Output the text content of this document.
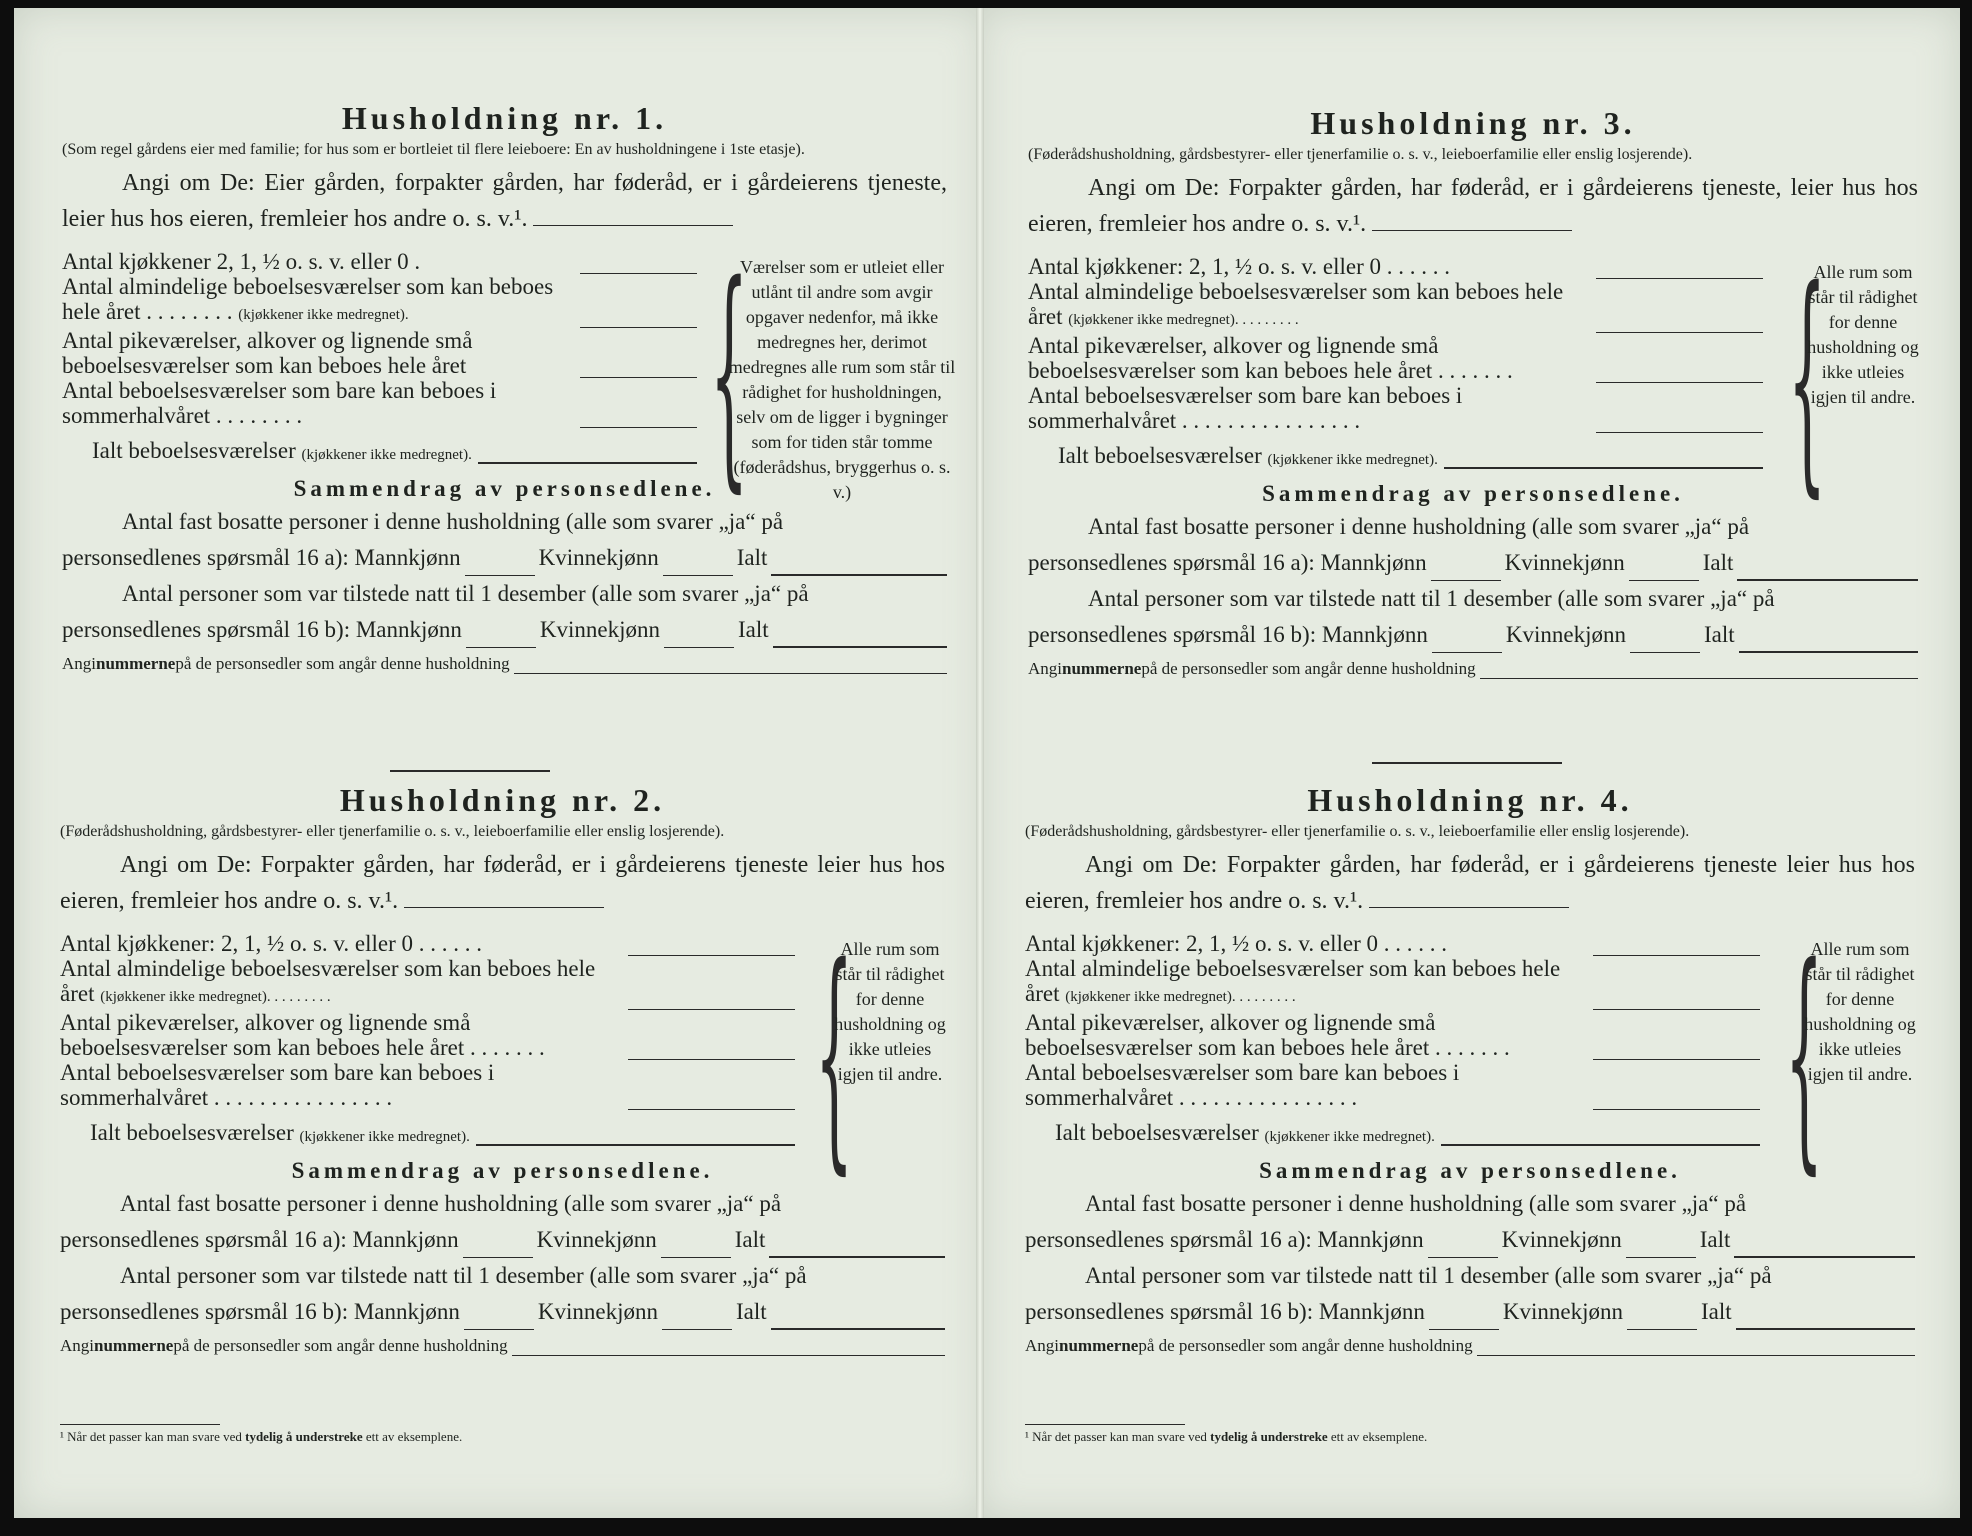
Husholdning nr. 1.
(Som regel gårdens eier med familie; for hus som er bortleiet til flere leieboere: En av husholdningene i 1ste etasje).

Angi om De: Eier gården, forpakter gården, har føderåd, er i gårdeierens tjeneste, leier hus hos eieren, fremleier hos andre o. s. v.¹.

Antal kjøkkener 2, 1, ½ o. s. v. eller 0 .
Antal almindelige beboelsesværelser som kan beboes hele året . . . . . . . . (kjøkkener ikke medregnet).
Antal pikeværelser, alkover og lignende små beboelsesværelser som kan beboes hele året
Antal beboelsesværelser som bare kan beboes i sommerhalvåret . . . . . . . .
Ialt beboelsesværelser
(kjøkkener ikke medregnet). {
Værelser som er utleiet eller utlånt til andre som avgir opgaver nedenfor, må ikke medregnes her, derimot medregnes alle rum som står til rådighet for husholdningen, selv om de ligger i bygninger som for tiden står tomme (føderådshus, bryggerhus o. s. v.)
Sammendrag av personsedlene.

Antal fast bosatte personer i denne husholdning (alle som svarer „ja“ på

personsedlenes spørsmål 16 a):
Mannkjønn	Kvinnekjønn	Ialt

Antal personer som var tilstede natt til 1 desember (alle som svarer „ja“ på

personsedlenes spørsmål 16 b):
Mannkjønn	Kvinnekjønn	Ialt
Angi nummerne på de personsedler som angår denne husholdning
Husholdning nr. 2.
(Føderådshusholdning, gårdsbestyrer- eller tjenerfamilie o. s. v., leieboerfamilie eller enslig losjerende).

Angi om De: Forpakter gården, har føderåd, er i gårdeierens tjeneste leier hus hos eieren, fremleier hos andre o. s. v.¹.

Antal kjøkkener: 2, 1, ½ o. s. v. eller 0 . . . . . .
Antal almindelige beboelsesværelser som kan beboes hele året (kjøkkener ikke medregnet). . . . . . . . .
Antal pikeværelser, alkover og lignende små beboelsesværelser som kan beboes hele året . . . . . . .
Antal beboelsesværelser som bare kan beboes i sommerhalvåret . . . . . . . . . . . . . . . .
Ialt beboelsesværelser
(kjøkkener ikke medregnet). {
Alle rum som står til rådighet for denne husholdning og ikke utleies igjen til andre.
Sammendrag av personsedlene.

Antal fast bosatte personer i denne husholdning (alle som svarer „ja“ på

personsedlenes spørsmål 16 a):
Mannkjønn	Kvinnekjønn	Ialt

Antal personer som var tilstede natt til 1 desember (alle som svarer „ja“ på

personsedlenes spørsmål 16 b):
Mannkjønn	Kvinnekjønn	Ialt
Angi nummerne på de personsedler som angår denne husholdning
¹ Når det passer kan man svare ved tydelig å understreke ett av eksemplene.
Husholdning nr. 3.
(Føderådshusholdning, gårdsbestyrer- eller tjenerfamilie o. s. v., leieboerfamilie eller enslig losjerende).

Angi om De: Forpakter gården, har føderåd, er i gårdeierens tjeneste, leier hus hos eieren, fremleier hos andre o. s. v.¹.

Antal kjøkkener: 2, 1, ½ o. s. v. eller 0 . . . . . .
Antal almindelige beboelsesværelser som kan beboes hele året (kjøkkener ikke medregnet). . . . . . . . .
Antal pikeværelser, alkover og lignende små beboelsesværelser som kan beboes hele året . . . . . . .
Antal beboelsesværelser som bare kan beboes i sommerhalvåret . . . . . . . . . . . . . . . .
Ialt beboelsesværelser
(kjøkkener ikke medregnet). {
Alle rum som står til rådighet for denne husholdning og ikke utleies igjen til andre.
Sammendrag av personsedlene.

Antal fast bosatte personer i denne husholdning (alle som svarer „ja“ på

personsedlenes spørsmål 16 a):
Mannkjønn	Kvinnekjønn	Ialt

Antal personer som var tilstede natt til 1 desember (alle som svarer „ja“ på

personsedlenes spørsmål 16 b):
Mannkjønn	Kvinnekjønn	Ialt
Angi nummerne på de personsedler som angår denne husholdning
Husholdning nr. 4.
(Føderådshusholdning, gårdsbestyrer- eller tjenerfamilie o. s. v., leieboerfamilie eller enslig losjerende).

Angi om De: Forpakter gården, har føderåd, er i gårdeierens tjeneste leier hus hos eieren, fremleier hos andre o. s. v.¹.

Antal kjøkkener: 2, 1, ½ o. s. v. eller 0 . . . . . .
Antal almindelige beboelsesværelser som kan beboes hele året (kjøkkener ikke medregnet). . . . . . . . .
Antal pikeværelser, alkover og lignende små beboelsesværelser som kan beboes hele året . . . . . . .
Antal beboelsesværelser som bare kan beboes i sommerhalvåret . . . . . . . . . . . . . . . .
Ialt beboelsesværelser
(kjøkkener ikke medregnet). {
Alle rum som står til rådighet for denne husholdning og ikke utleies igjen til andre.
Sammendrag av personsedlene.

Antal fast bosatte personer i denne husholdning (alle som svarer „ja“ på

personsedlenes spørsmål 16 a):
Mannkjønn	Kvinnekjønn	Ialt

Antal personer som var tilstede natt til 1 desember (alle som svarer „ja“ på

personsedlenes spørsmål 16 b):
Mannkjønn	Kvinnekjønn	Ialt
Angi nummerne på de personsedler som angår denne husholdning
¹ Når det passer kan man svare ved tydelig å understreke ett av eksemplene.
